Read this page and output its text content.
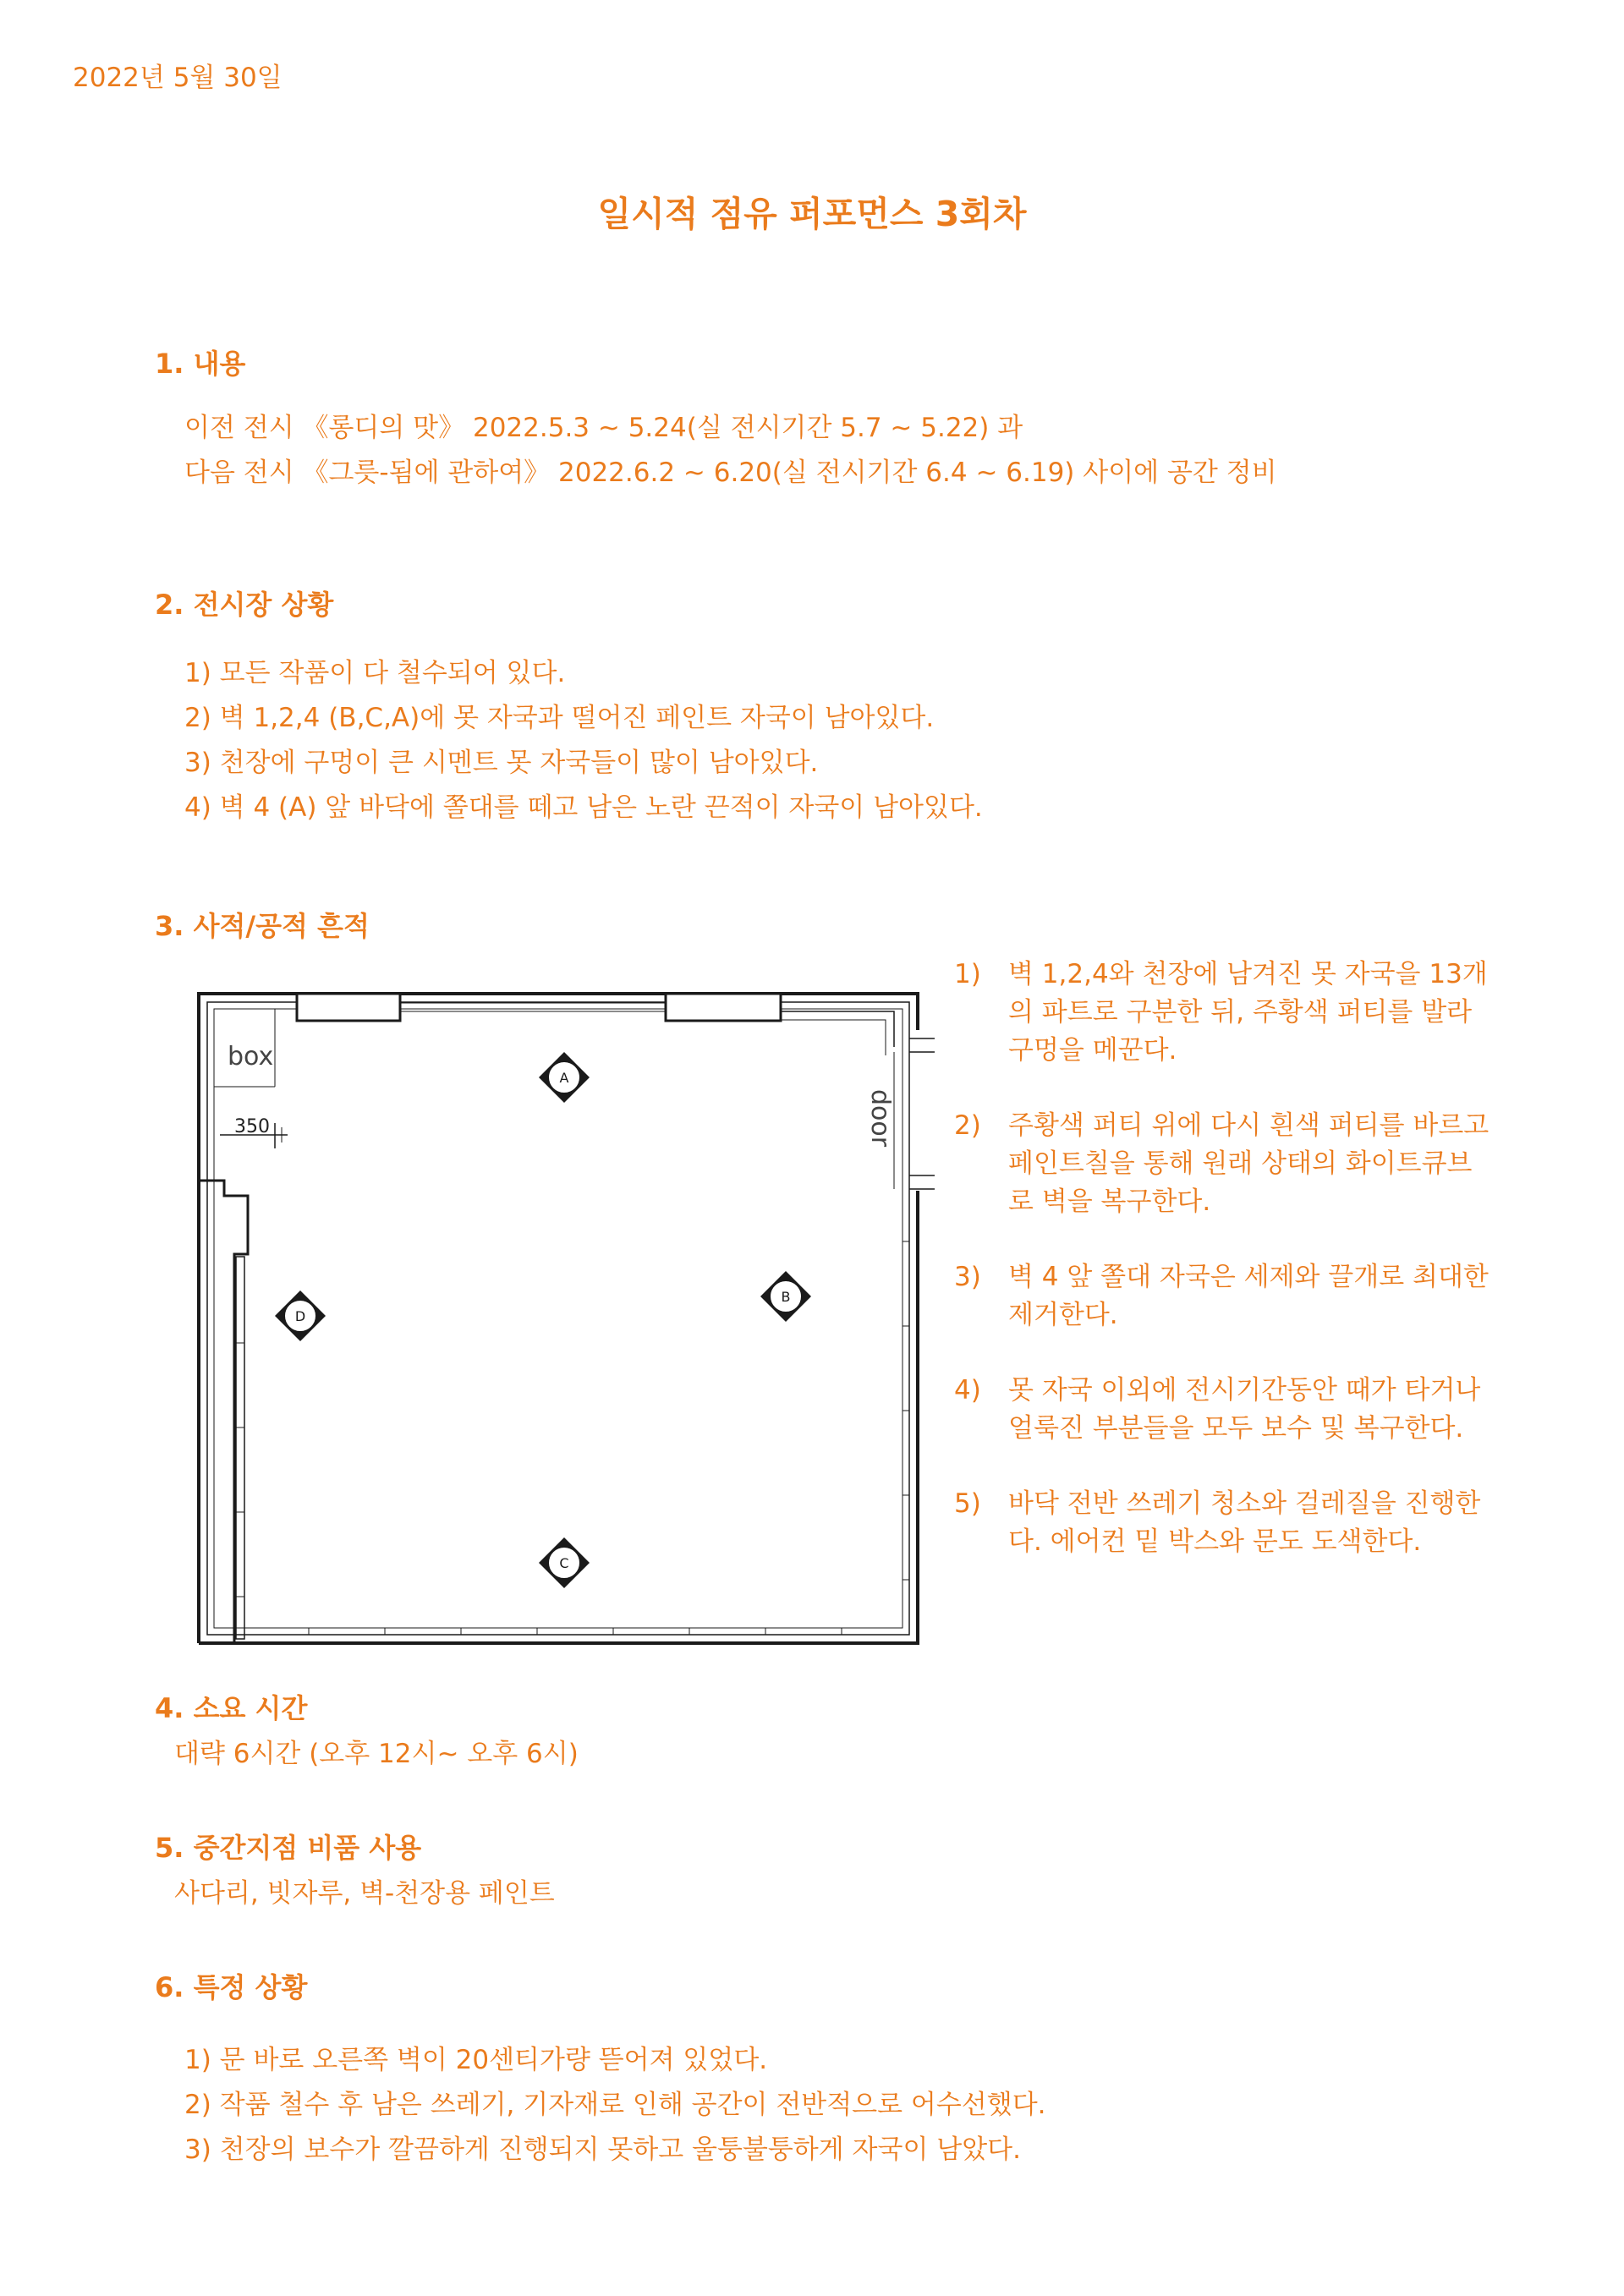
2022년 5월 30일
일시적 점유 퍼포먼스 3회차
1. 내용
이전 전시 《롱디의 맛》 2022.5.3 ~ 5.24(실 전시기간 5.7 ~ 5.22) 과
다음 전시 《그릇-됨에 관하여》 2022.6.2 ~ 6.20(실 전시기간 6.4 ~ 6.19) 사이에 공간 정비
2. 전시장 상황
1) 모든 작품이 다 철수되어 있다.
2) 벽 1,2,4 (B,C,A)에 못 자국과 떨어진 페인트 자국이 남아있다.
3) 천장에 구멍이 큰 시멘트 못 자국들이 많이 남아있다.
4) 벽 4 (A) 앞 바닥에 쫄대를 떼고 남은 노란 끈적이 자국이 남아있다.
3. 사적/공적 흔적
box
350	door
A
B
C
D
1)	벽 1,2,4와 천장에 남겨진 못 자국을 13개의 파트로 구분한 뒤, 주황색 퍼티를 발라 구멍을 메꾼다.
2)	주황색 퍼티 위에 다시 흰색 퍼티를 바르고 페인트칠을 통해 원래 상태의 화이트큐브로 벽을 복구한다.
3)	벽 4 앞 쫄대 자국은 세제와 끌개로 최대한 제거한다.
4)	못 자국 이외에 전시기간동안 때가 타거나 얼룩진 부분들을 모두 보수 및 복구한다.
5)	바닥 전반 쓰레기 청소와 걸레질을 진행한다. 에어컨 밑 박스와 문도 도색한다.
4. 소요 시간
대략 6시간 (오후 12시~ 오후 6시)
5. 중간지점 비품 사용
사다리, 빗자루, 벽-천장용 페인트
6. 특정 상황
1) 문 바로 오른쪽 벽이 20센티가량 뜯어져 있었다.
2) 작품 철수 후 남은 쓰레기, 기자재로 인해 공간이 전반적으로 어수선했다.
3) 천장의 보수가 깔끔하게 진행되지 못하고 울퉁불퉁하게 자국이 남았다.
